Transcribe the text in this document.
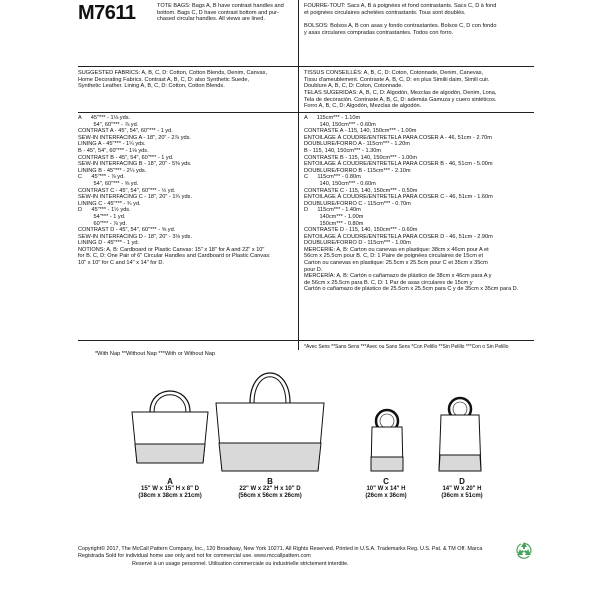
M7611	TOTE BAGS: Bags A, B have contrast handles and bottom. Bags C, D have contrast bottom and pur-
chased circular handles. All views are lined.
FOURRE-TOUT: Sacs A, B à poignées et fond contrastants. Sacs C, D à fond
et poignées circulaires achetées contrastants. Tous sont doublés.
BOLSOS: Bolsos A, B con asas y fondo contrastantes. Bolsos C, D con fondo
y asas circulares compradas contrastantes. Todos con forro.
SUGGESTED FABRICS: A, B, C, D: Cotton, Cotton Blends, Denim, Canvas,
Home Decorating Fabrics. Contrast A, B, C, D: also Synthetic Suede,
Synthetic Leather. Lining A, B, C, D: Cotton, Cotton Blends.
TISSUS CONSEILLÉS: A, B, C, D: Coton, Cotonnade, Denim, Canevas,
Tissu d'ameublement. Contraste A, B, C, D: en plus Similii daim, Simili cuir.
Doublure A, B, C, D: Coton, Cotonnade.
TELAS SUGERIDAS: A, B, C, D: Algodón, Mezclas de algodón, Denim, Lona,
Tela de decoración. Contraste A, B, C, D: además Gamuza y cuero sintéticos.
Forro A, B, C, D: Algodón, Mezclas de algodón.
A      45"*** - 1⅛ yds.
54", 60"*** - ⅞ yd.
CONTRAST A - 45", 54", 60"*** - 1 yd.
SEW-IN INTERFACING A - 18", 20" - 2⅞ yds.
LINING A - 45"*** - 1¼ yds.
B - 45", 54", 60"*** - 1⅛ yds.
CONTRAST B - 45", 54", 60"*** - 1 yd.
SEW-IN INTERFACING B - 18", 20" - 5⅜ yds.
LINING B - 45"*** - 2¼ yds.
C      45"*** - ⅞ yd.
54", 60"*** - ⅝ yd.
CONTRAST C - 45", 54", 60"*** - ½ yd.
SEW-IN INTERFACING C - 18", 20" - 1¾ yds.
LINING C - 45"*** - ¾ yd.
D      45"*** - 1½ yds.
54"*** - 1 yd.
60"*** - ⅞ yd.
CONTRAST D - 45", 54", 60"*** - ⅝ yd.
SEW-IN INTERFACING D - 18", 20" - 3⅛ yds.
LINING D - 45"*** - 1 yd.
NOTIONS: A, B: Cardboard or Plastic Canvas: 15" x 18" for A and 22" x 10"
for B. C, D: One Pair of 6" Circular Handles and Cardboard or Plastic Canvas:
10" x 10" for C and 14" x 14" for D.
A      115cm*** - 1.10m
140, 150cm*** - 0.60m
CONTRASTE A - 115, 140, 150cm*** - 1.00m
ENTOILAGE À COUDRE/ENTRETELA PARA COSER A - 46, 51cm - 2.70m
DOUBLURE/FORRO A - 115cm*** - 1.20m
B - 115, 140, 150cm*** - 1.30m
CONTRASTE B - 115, 140, 150cm*** - 1.00m
ENTOILAGE À COUDRE/ENTRETELA PARA COSER B - 46, 51cm - 5.00m
DOUBLURE/FORRO B - 115cm*** - 2.10m
C      115cm*** - 0.80m
140, 150cm*** - 0.60m
CONTRASTE C - 115, 140, 150cm*** - 0.50m
ENTOILAGE À COUDRE/ENTRETELA PARA COSER C - 46, 51cm - 1.60m
DOUBLURE/FORRO C - 115cm*** - 0.70m
D      115cm*** - 1.40m
140cm*** - 1.00m
150cm*** - 0.80m
CONTRASTE D - 115, 140, 150cm*** - 0.60m
ENTOILAGE À COUDRE/ENTRETELA PARA COSER D - 46, 51cm - 2.90m
DOUBLURE/FORRO D - 115cm*** - 1.00m
MERCERIE: A, B: Carton ou canevas en plastique: 38cm x 46cm pour A et
56cm x 25.5cm pour B. C, D: 1 Paire de poignées circulaires de 15cm et
Carton ou canevas en plastique: 25.5cm x 25.5cm pour C et 35cm x 35cm
pour D.
MERCERÍA: A, B: Cartón o cañamazo de plástico de 38cm x 46cm para A y
de 56cm x 25.5cm para B. C, D: 1 Par de asas circulares de 15cm y
Cartón o cañamazo de plástico de 25.5cm x 25.5cm para C y de 35cm x 35cm para D.
*With Nap **Without Nap ***With or Without Nap
*Avec Sens **Sans Sens ***Avec ou Sans Sens *Con Pelillo **Sin Pelillo ***Con o Sin Pelillo
A
15" W x 15" H x 8" D
(38cm x 38cm x 21cm)
B
22" W x 22" H x 10" D
(56cm x 56cm x 26cm)
C
10" W x 14" H
(26cm x 36cm)
D
14" W x 20" H
(36cm x 51cm)
Copyright© 2017, The McCall Pattern Company, Inc., 120 Broadway, New York 10271, All Rights Reserved. Printed in U.S.A. Trademarks Reg. U.S. Pat. & TM Off. Marca
Registrada Sold for individual home use only and not for commercial use. www.mccallpattern.com
Reservé à un usage personnel. Utilisation commerciale ou industrielle strictement interdite.
